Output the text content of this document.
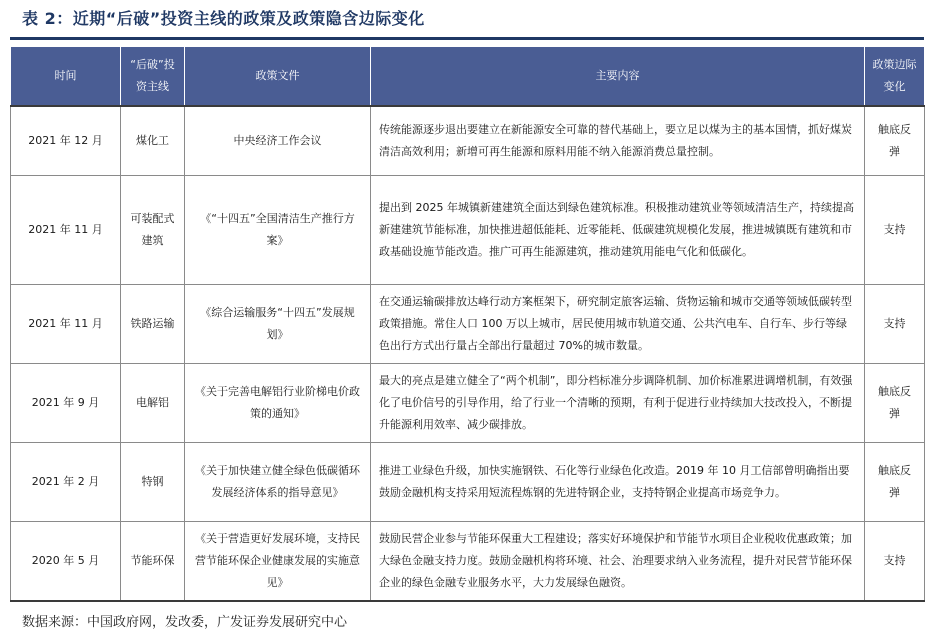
表 2：近期“后破”投资主线的政策及政策隐含边际变化
时间	“后破”投资主线	政策文件	主要内容	政策边际变化
2021 年 12 月	煤化工	中央经济工作会议	传统能源逐步退出要建立在新能源安全可靠的替代基础上，要立足以煤为主的基本国情，抓好煤炭清洁高效利用；新增可再生能源和原料用能不纳入能源消费总量控制。	触底反弹
2021 年 11 月	可装配式建筑	《“十四五”全国清洁生产推行方案》	提出到 2025 年城镇新建建筑全面达到绿色建筑标准。积极推动建筑业等领域清洁生产，持续提高新建建筑节能标准，加快推进超低能耗、近零能耗、低碳建筑规模化发展，推进城镇既有建筑和市政基础设施节能改造。推广可再生能源建筑，推动建筑用能电气化和低碳化。	支持
2021 年 11 月	铁路运输	《综合运输服务“十四五”发展规划》	在交通运输碳排放达峰行动方案框架下，研究制定旅客运输、货物运输和城市交通等领域低碳转型政策措施。常住人口 100 万以上城市，居民使用城市轨道交通、公共汽电车、自行车、步行等绿色出行方式出行量占全部出行量超过 70%的城市数量。	支持
2021 年 9 月	电解铝	《关于完善电解铝行业阶梯电价政策的通知》	最大的亮点是建立健全了“两个机制”，即分档标准分步调降机制、加价标准累进调增机制，有效强化了电价信号的引导作用，给了行业一个清晰的预期，有利于促进行业持续加大技改投入，不断提升能源利用效率、减少碳排放。	触底反弹
2021 年 2 月	特钢	《关于加快建立健全绿色低碳循环发展经济体系的指导意见》	推进工业绿色升级，加快实施钢铁、石化等行业绿色化改造。2019 年 10 月工信部曾明确指出要鼓励金融机构支持采用短流程炼钢的先进特钢企业，支持特钢企业提高市场竞争力。	触底反弹
2020 年 5 月	节能环保	《关于营造更好发展环境，支持民营节能环保企业健康发展的实施意见》	鼓励民营企业参与节能环保重大工程建设；落实好环境保护和节能节水项目企业税收优惠政策；加大绿色金融支持力度。鼓励金融机构将环境、社会、治理要求纳入业务流程，提升对民营节能环保企业的绿色金融专业服务水平，大力发展绿色融资。	支持
数据来源：中国政府网，发改委，广发证券发展研究中心
